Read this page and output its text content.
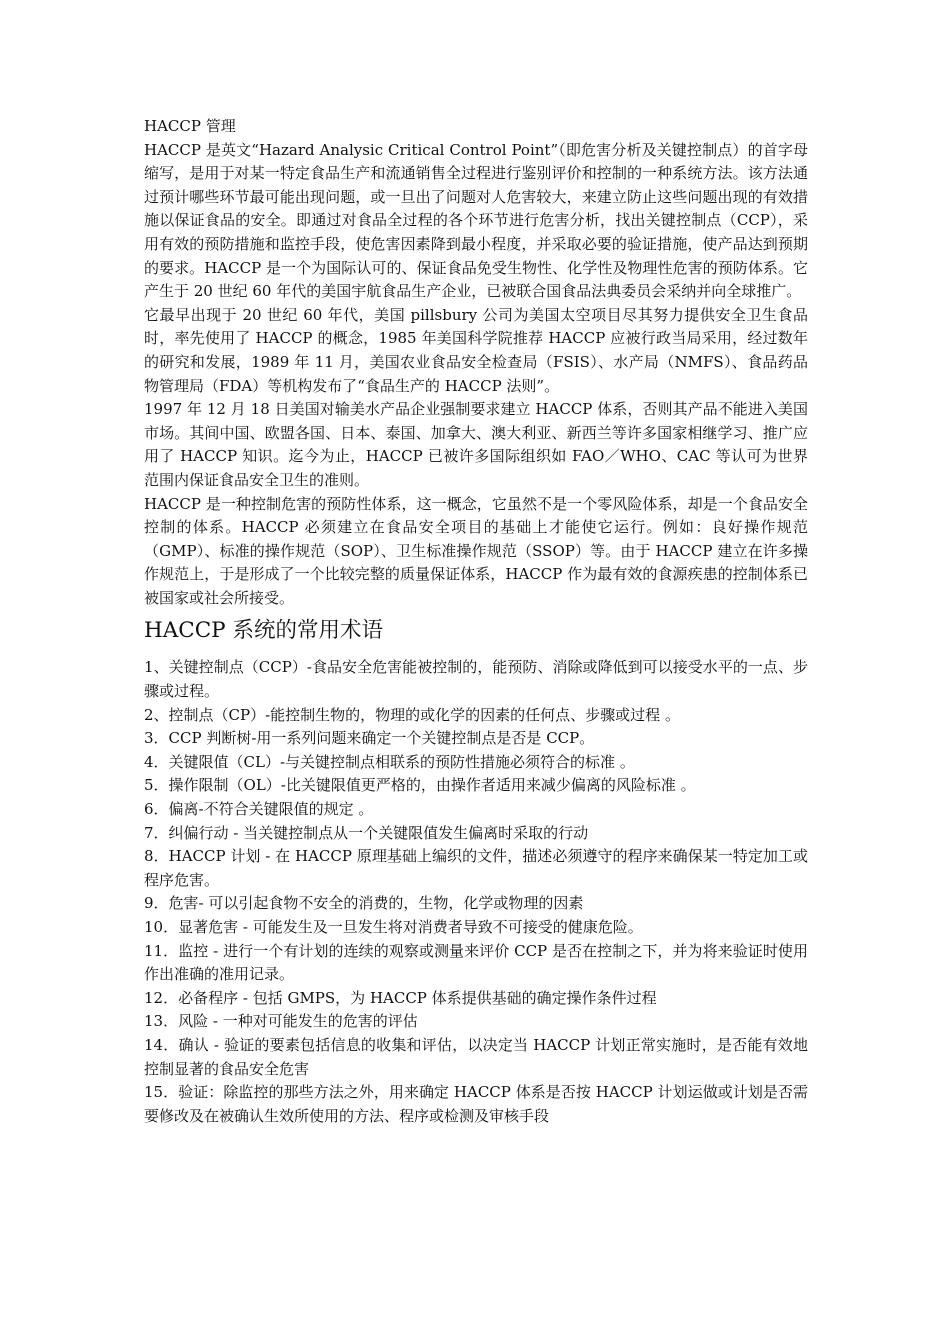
HACCP 管理

HACCP 是英文“Hazard Analysic Critical Control Point”（即危害分析及关键控制点）的首字母缩写，是用于对某一特定食品生产和流通销售全过程进行鉴别评价和控制的一种系统方法。该方法通过预计哪些环节最可能出现问题，或一旦出了问题对人危害较大，来建立防止这些问题出现的有效措施以保证食品的安全。即通过对食品全过程的各个环节进行危害分析，找出关键控制点（CCP），采用有效的预防措施和监控手段，使危害因素降到最小程度，并采取必要的验证措施，使产品达到预期的要求。HACCP 是一个为国际认可的、保证食品免受生物性、化学性及物理性危害的预防体系。它产生于 20 世纪 60 年代的美国宇航食品生产企业，已被联合国食品法典委员会采纳并向全球推广。

它最早出现于 20 世纪 60 年代，美国 pillsbury 公司为美国太空项目尽其努力提供安全卫生食品时，率先使用了 HACCP 的概念，1985 年美国科学院推荐 HACCP 应被行政当局采用，经过数年的研究和发展，1989 年 11 月，美国农业食品安全检查局（FSIS）、水产局（NMFS）、食品药品物管理局（FDA）等机构发布了“食品生产的 HACCP 法则”。

1997 年 12 月 18 日美国对输美水产品企业强制要求建立 HACCP 体系，否则其产品不能进入美国市场。其间中国、欧盟各国、日本、泰国、加拿大、澳大利亚、新西兰等许多国家相继学习、推广应用了 HACCP 知识。迄今为止，HACCP 已被许多国际组织如 FAO／WHO、CAC 等认可为世界范围内保证食品安全卫生的准则。

HACCP 是一种控制危害的预防性体系，这一概念，它虽然不是一个零风险体系，却是一个食品安全控制的体系。HACCP 必须建立在食品安全项目的基础上才能使它运行。例如：良好操作规范（GMP）、标准的操作规范（SOP）、卫生标准操作规范（SSOP）等。由于 HACCP 建立在许多操作规范上，于是形成了一个比较完整的质量保证体系，HACCP 作为最有效的食源疾患的控制体系已被国家或社会所接受。

HACCP 系统的常用术语

1、关键控制点（CCP）-食品安全危害能被控制的，能预防、消除或降低到可以接受水平的一点、步骤或过程。

2、控制点（CP）-能控制生物的，物理的或化学的因素的任何点、步骤或过程 。

3．CCP 判断树-用一系列问题来确定一个关键控制点是否是 CCP。

4．关键限值（CL）-与关键控制点相联系的预防性措施必须符合的标准 。

5．操作限制（OL）-比关键限值更严格的，由操作者适用来减少偏离的风险标准 。

6．偏离-不符合关键限值的规定 。

7．纠偏行动 - 当关键控制点从一个关键限值发生偏离时采取的行动

8．HACCP 计划 - 在 HACCP 原理基础上编织的文件，描述必须遵守的程序来确保某一特定加工或程序危害。

9．危害- 可以引起食物不安全的消费的，生物，化学或物理的因素

10．显著危害 - 可能发生及一旦发生将对消费者导致不可接受的健康危险。

11．监控 - 进行一个有计划的连续的观察或测量来评价 CCP 是否在控制之下，并为将来验证时使用作出准确的准用记录。

12．必备程序 - 包括 GMPS，为 HACCP 体系提供基础的确定操作条件过程

13．风险 - 一种对可能发生的危害的评估

14．确认 - 验证的要素包括信息的收集和评估，以决定当 HACCP 计划正常实施时，是否能有效地控制显著的食品安全危害

15．验证：除监控的那些方法之外，用来确定 HACCP 体系是否按 HACCP 计划运做或计划是否需要修改及在被确认生效所使用的方法、程序或检测及审核手段
